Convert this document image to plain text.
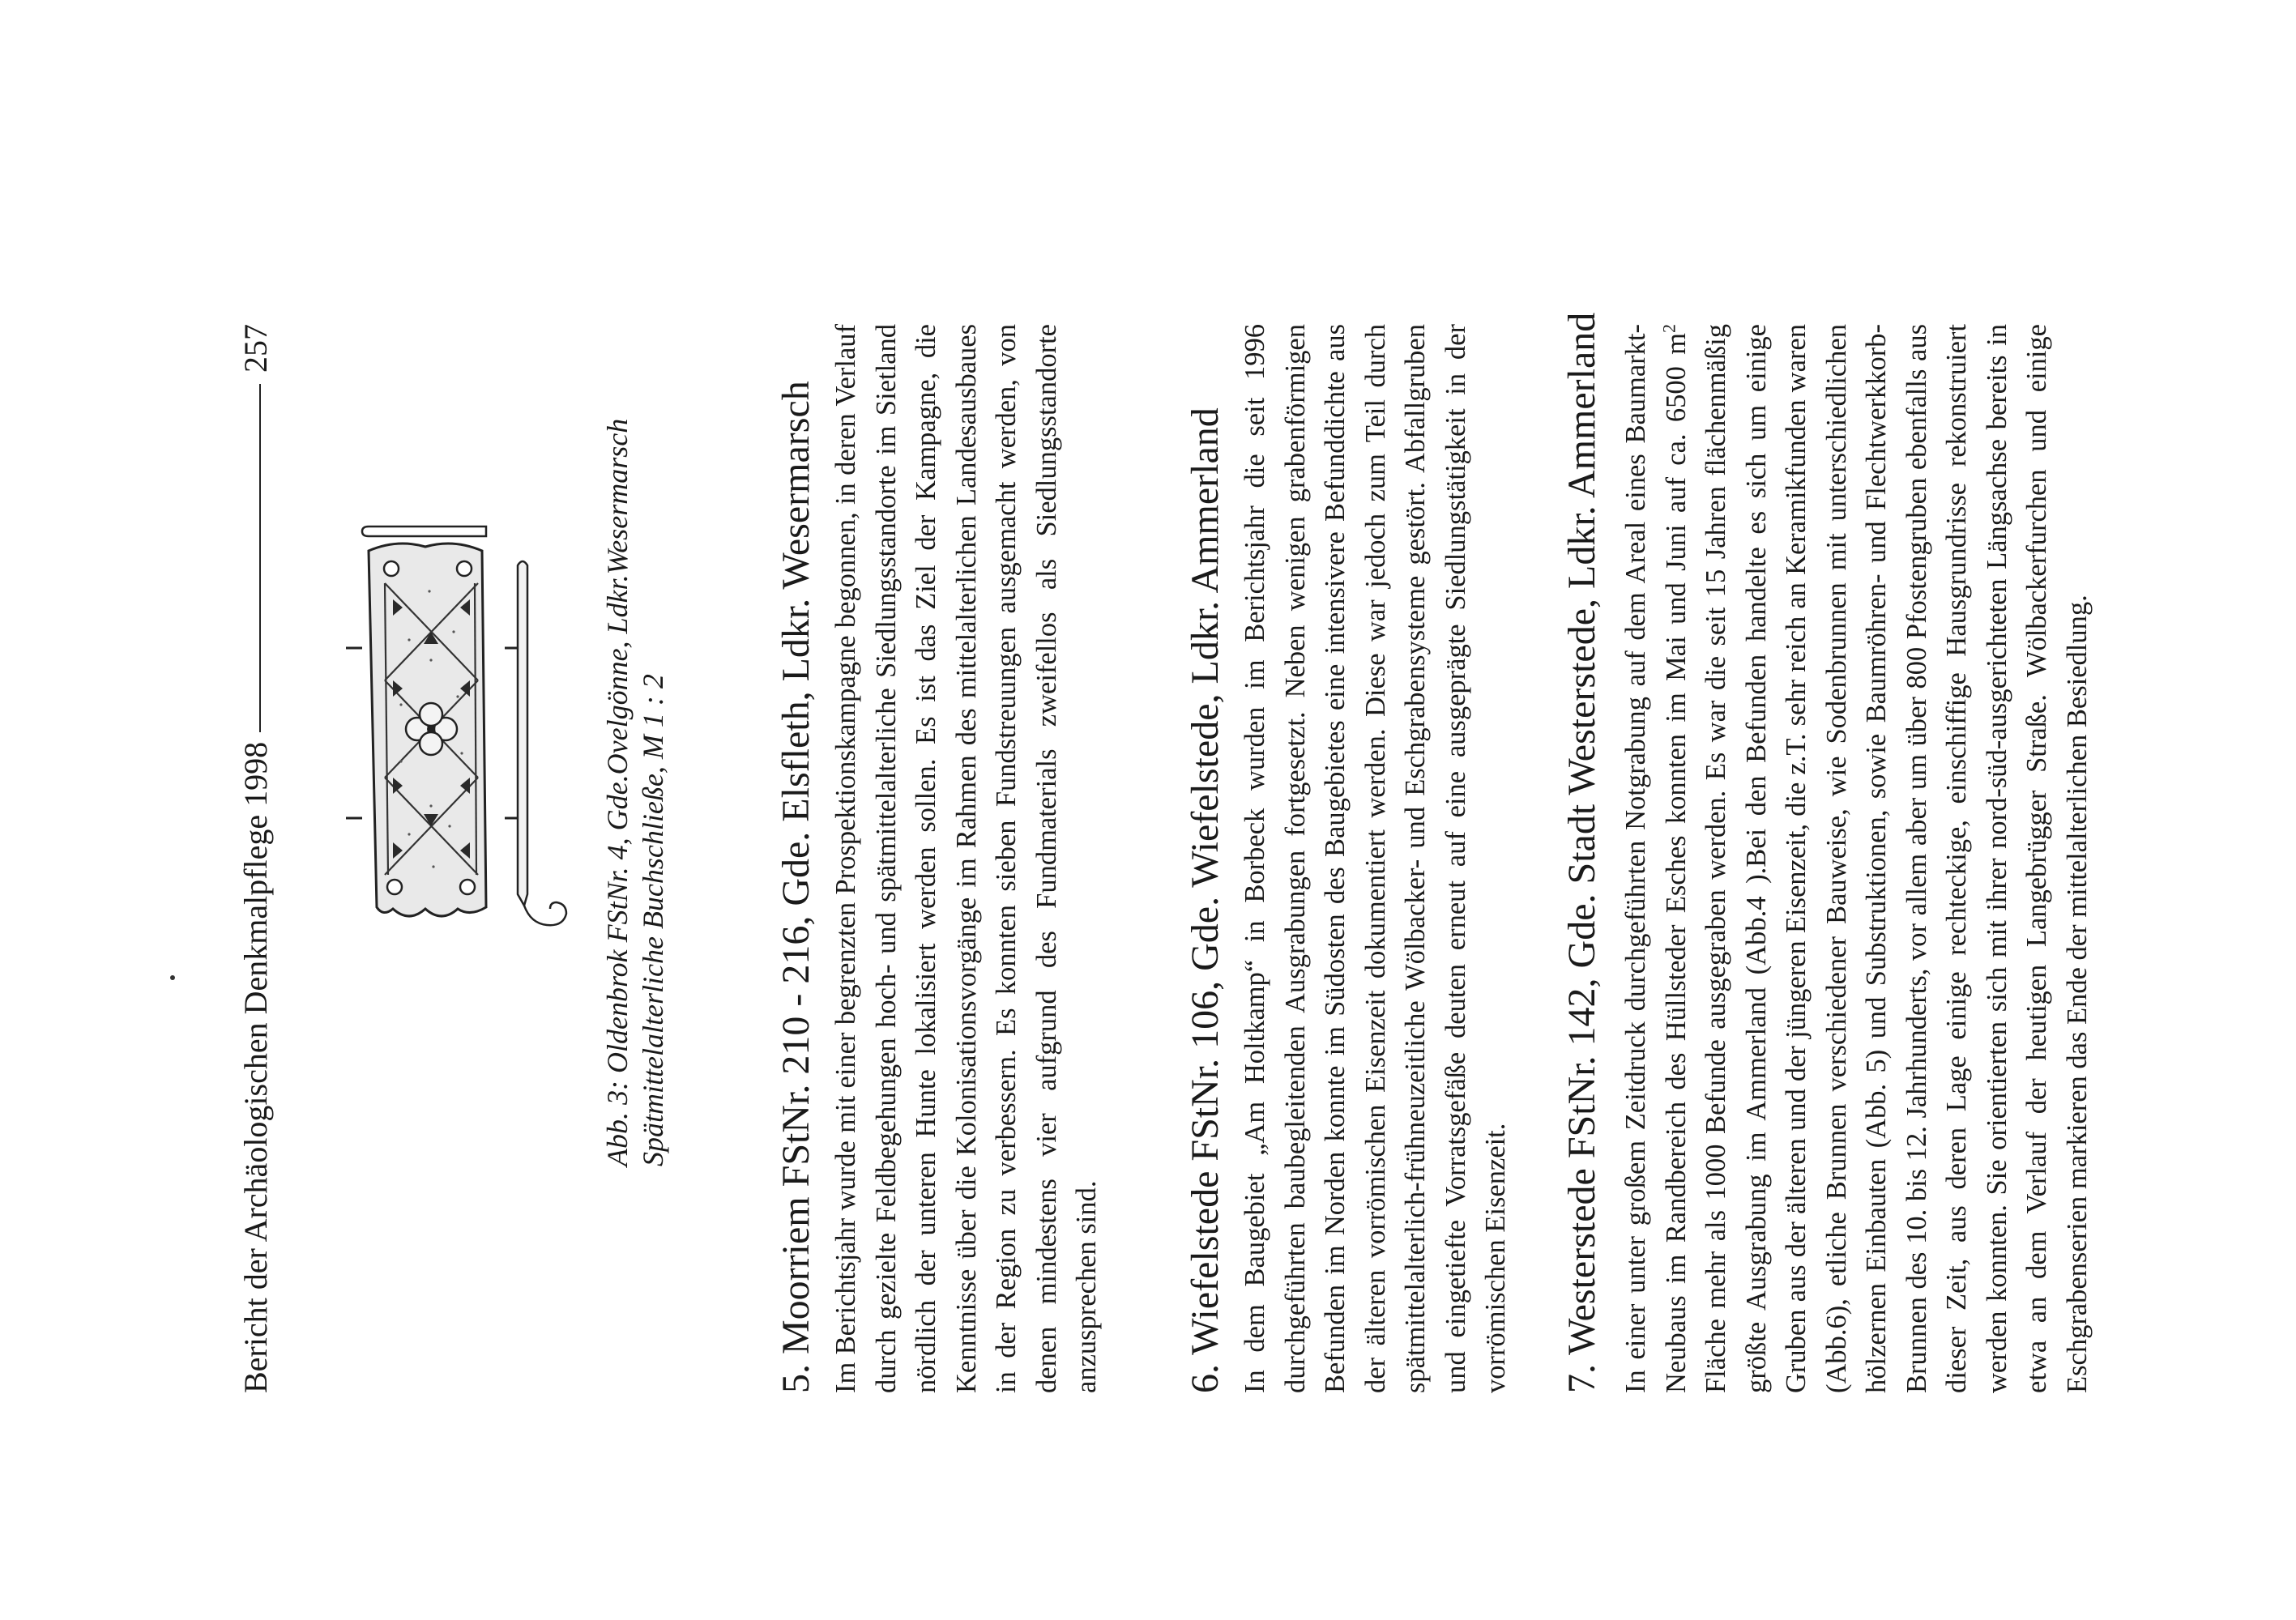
Bericht der Archäologischen Denkmalpflege 1998
257
Abb. 3: Oldenbrok FStNr. 4, Gde.Ovelgönne, Ldkr.Wesermarsch Spätmittelalterliche Buchschließe, M 1 : 2	5. Moorriem FStNr. 210 - 216, Gde. Elsfleth, Ldkr. Wesermarsch Im Berichtsjahr wurde mit einer begrenzten Prospektionskampagne begonnen, in deren Verlauf durch gezielte Feldbegehungen hoch- und spätmittelalterliche Siedlungsstandorte im Sietland nördlich der unteren Hunte lokalisiert werden sollen. Es ist das Ziel der Kampagne, die Kenntnisse über die Kolonisationsvorgänge im Rahmen des mittelalterlichen Landesausbaues in der Region zu verbessern. Es konnten sieben Fundstreuungen ausgemacht werden, von denen mindestens vier aufgrund des Fundmaterials zweifellos als Siedlungsstandorte anzusprechen sind. 6. Wiefelstede FStNr. 106, Gde. Wiefelstede, Ldkr. Ammerland In dem Baugebiet „Am Holtkamp“ in Borbeck wurden im Berichtsjahr die seit 1996 durchgeführten baubegleitenden Ausgrabungen fortgesetzt. Neben wenigen grabenförmigen Befunden im Norden konnte im Südosten des Baugebietes eine intensivere Befunddichte aus der älteren vorrömischen Eisenzeit dokumentiert werden. Diese war jedoch zum Teil durch spätmittelalterlich-frühneuzeitliche Wölbacker- und Eschgrabensysteme gestört. Abfallgruben und eingetiefte Vorratsgefäße deuten erneut auf eine ausgeprägte Siedlungstätigkeit in der vorrömischen Eisenzeit. 7. Westerstede FStNr. 142, Gde. Stadt Westerstede, Ldkr. Ammerland In einer unter großem Zeitdruck durchgeführten Notgrabung auf dem Areal eines Baumarkt-Neubaus im Randbereich des Hüllsteder Esches konnten im Mai und Juni auf ca. 6500 $m^2$ Fläche mehr als 1000 Befunde ausgegraben werden. Es war die seit 15 Jahren flächenmäßig größte Ausgrabung im Ammerland (Abb.4 ).Bei den Befunden handelte es sich um einige Gruben aus der älteren und der jüngeren Eisenzeit, die z.T. sehr reich an Keramikfunden waren (Abb.6), etliche Brunnen verschiedener Bauweise, wie Sodenbrunnen mit unterschiedlichen hölzernen Einbauten (Abb. 5) und Substruktionen, sowie Baumröhren- und Flechtwerkkorb-Brunnen des 10. bis 12. Jahrhunderts, vor allem aber um über 800 Pfostengruben ebenfalls aus dieser Zeit, aus deren Lage einige rechteckige, einschiffige Hausgrundrisse rekonstruiert werden konnten. Sie orientierten sich mit ihrer nord-süd-ausgerichteten Längsachse bereits in etwa an dem Verlauf der heutigen Langebrügger Straße. Wölbackerfurchen und einige Eschgrabenserien markieren das Ende der mittelalterlichen Besiedlung.
